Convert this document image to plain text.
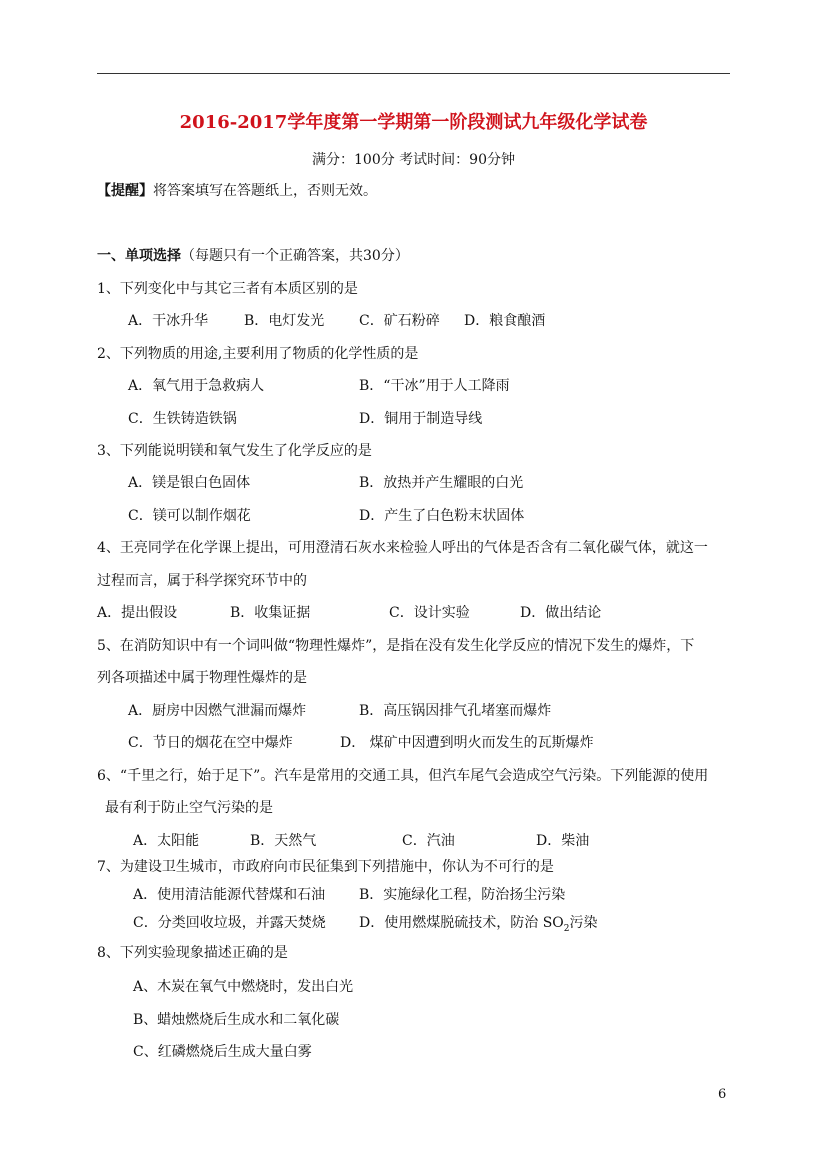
2016-2017学年度第一学期第一阶段测试九年级化学试卷
满分：100分 考试时间：90分钟
【提醒】将答案填写在答题纸上，否则无效。
一、单项选择（每题只有一个正确答案，共30分）
1、下列变化中与其它三者有本质区别的是
A．干冰升华	B．电灯发光 C．矿石粉碎 D．粮食酿酒
2、下列物质的用途,主要利用了物质的化学性质的是
A．氧气用于急救病人	B．“干冰”用于人工降雨
C．生铁铸造铁锅	D．铜用于制造导线
3、下列能说明镁和氧气发生了化学反应的是
A．镁是银白色固体	B．放热并产生耀眼的白光
C．镁可以制作烟花	D．产生了白色粉末状固体
4、王亮同学在化学课上提出，可用澄清石灰水来检验人呼出的气体是否含有二氧化碳气体，就这一
过程而言，属于科学探究环节中的
A．提出假设	B．收集证据	C．设计实验	D．做出结论
5、在消防知识中有一个词叫做“物理性爆炸”，是指在没有发生化学反应的情况下发生的爆炸，下
列各项描述中属于物理性爆炸的是
A．厨房中因燃气泄漏而爆炸	B．高压锅因排气孔堵塞而爆炸
C．节日的烟花在空中爆炸	D． 煤矿中因遭到明火而发生的瓦斯爆炸
6、“千里之行，始于足下”。汽车是常用的交通工具，但汽车尾气会造成空气污染。下列能源的使用
最有利于防止空气污染的是
A．太阳能	B．天然气	C．汽油	D．柴油
7、为建设卫生城市，市政府向市民征集到下列措施中，你认为不可行的是
A．使用清洁能源代替煤和石油 B．实施绿化工程，防治扬尘污染
C．分类回收垃圾，并露天焚烧 D．使用燃煤脱硫技术，防治 $SO_2$污染
8、下列实验现象描述正确的是
A、木炭在氧气中燃烧时，发出白光
B、蜡烛燃烧后生成水和二氧化碳
C、红磷燃烧后生成大量白雾
6
